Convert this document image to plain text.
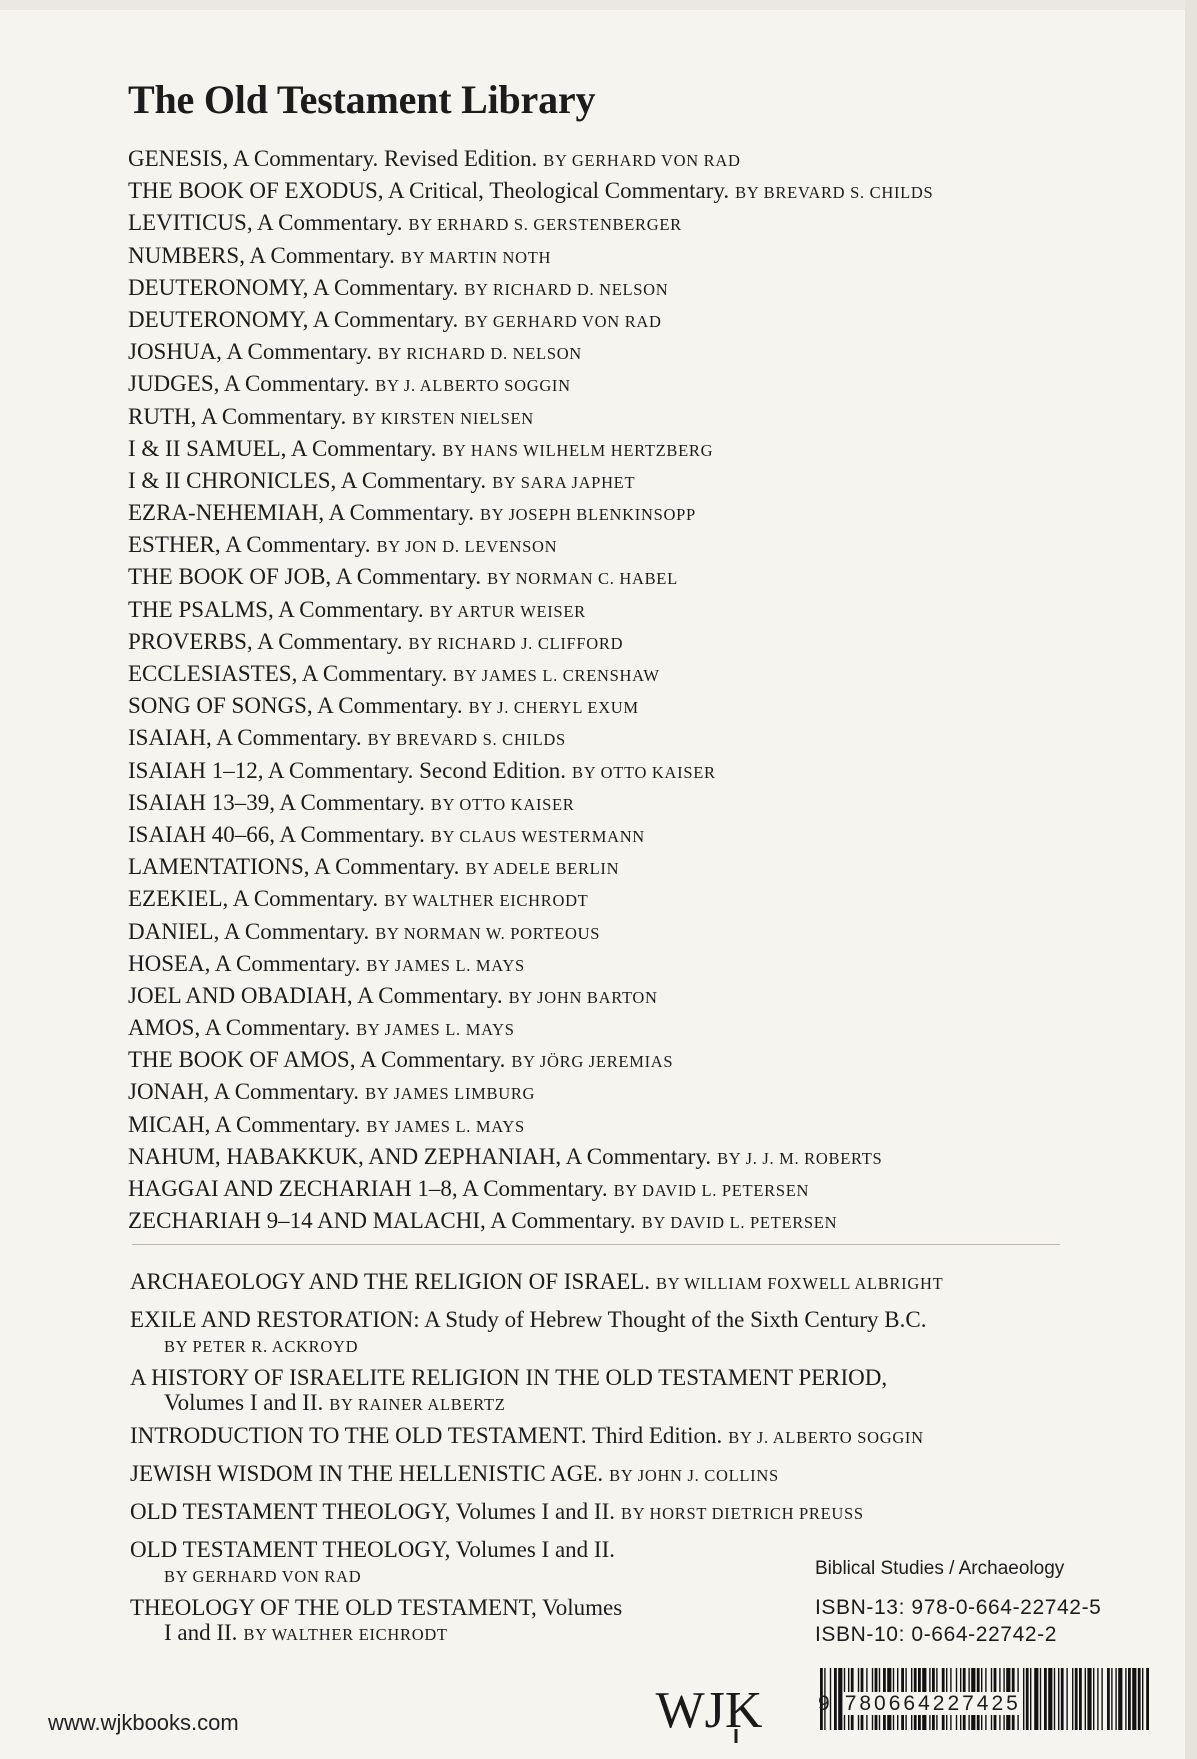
The Old Testament Library
GENESIS, A Commentary. Revised Edition. BY GERHARD VON RAD
THE BOOK OF EXODUS, A Critical, Theological Commentary. BY BREVARD S. CHILDS
LEVITICUS, A Commentary. BY ERHARD S. GERSTENBERGER
NUMBERS, A Commentary. BY MARTIN NOTH
DEUTERONOMY, A Commentary. BY RICHARD D. NELSON
DEUTERONOMY, A Commentary. BY GERHARD VON RAD
JOSHUA, A Commentary. BY RICHARD D. NELSON
JUDGES, A Commentary. BY J. ALBERTO SOGGIN
RUTH, A Commentary. BY KIRSTEN NIELSEN
I & II SAMUEL, A Commentary. BY HANS WILHELM HERTZBERG
I & II CHRONICLES, A Commentary. BY SARA JAPHET
EZRA-NEHEMIAH, A Commentary. BY JOSEPH BLENKINSOPP
ESTHER, A Commentary. BY JON D. LEVENSON
THE BOOK OF JOB, A Commentary. BY NORMAN C. HABEL
THE PSALMS, A Commentary. BY ARTUR WEISER
PROVERBS, A Commentary. BY RICHARD J. CLIFFORD
ECCLESIASTES, A Commentary. BY JAMES L. CRENSHAW
SONG OF SONGS, A Commentary. BY J. CHERYL EXUM
ISAIAH, A Commentary. BY BREVARD S. CHILDS
ISAIAH 1–12, A Commentary. Second Edition. BY OTTO KAISER
ISAIAH 13–39, A Commentary. BY OTTO KAISER
ISAIAH 40–66, A Commentary. BY CLAUS WESTERMANN
LAMENTATIONS, A Commentary. BY ADELE BERLIN
EZEKIEL, A Commentary. BY WALTHER EICHRODT
DANIEL, A Commentary. BY NORMAN W. PORTEOUS
HOSEA, A Commentary. BY JAMES L. MAYS
JOEL AND OBADIAH, A Commentary. BY JOHN BARTON
AMOS, A Commentary. BY JAMES L. MAYS
THE BOOK OF AMOS, A Commentary. BY JÖRG JEREMIAS
JONAH, A Commentary. BY JAMES LIMBURG
MICAH, A Commentary. BY JAMES L. MAYS
NAHUM, HABAKKUK, AND ZEPHANIAH, A Commentary. BY J. J. M. ROBERTS
HAGGAI AND ZECHARIAH 1–8, A Commentary. BY DAVID L. PETERSEN
ZECHARIAH 9–14 AND MALACHI, A Commentary. BY DAVID L. PETERSEN
ARCHAEOLOGY AND THE RELIGION OF ISRAEL. BY WILLIAM FOXWELL ALBRIGHT
EXILE AND RESTORATION: A Study of Hebrew Thought of the Sixth Century B.C.
BY PETER R. ACKROYD
A HISTORY OF ISRAELITE RELIGION IN THE OLD TESTAMENT PERIOD,
Volumes I and II. BY RAINER ALBERTZ
INTRODUCTION TO THE OLD TESTAMENT. Third Edition. BY J. ALBERTO SOGGIN
JEWISH WISDOM IN THE HELLENISTIC AGE. BY JOHN J. COLLINS
OLD TESTAMENT THEOLOGY, Volumes I and II. BY HORST DIETRICH PREUSS
OLD TESTAMENT THEOLOGY, Volumes I and II.
BY GERHARD VON RAD
THEOLOGY OF THE OLD TESTAMENT, Volumes
I and II. BY WALTHER EICHRODT
Biblical Studies / Archaeology
ISBN-13: 978-0-664-22742-5
ISBN-10: 0-664-22742-2
9 780664227425
WJK
www.wjkbooks.com
